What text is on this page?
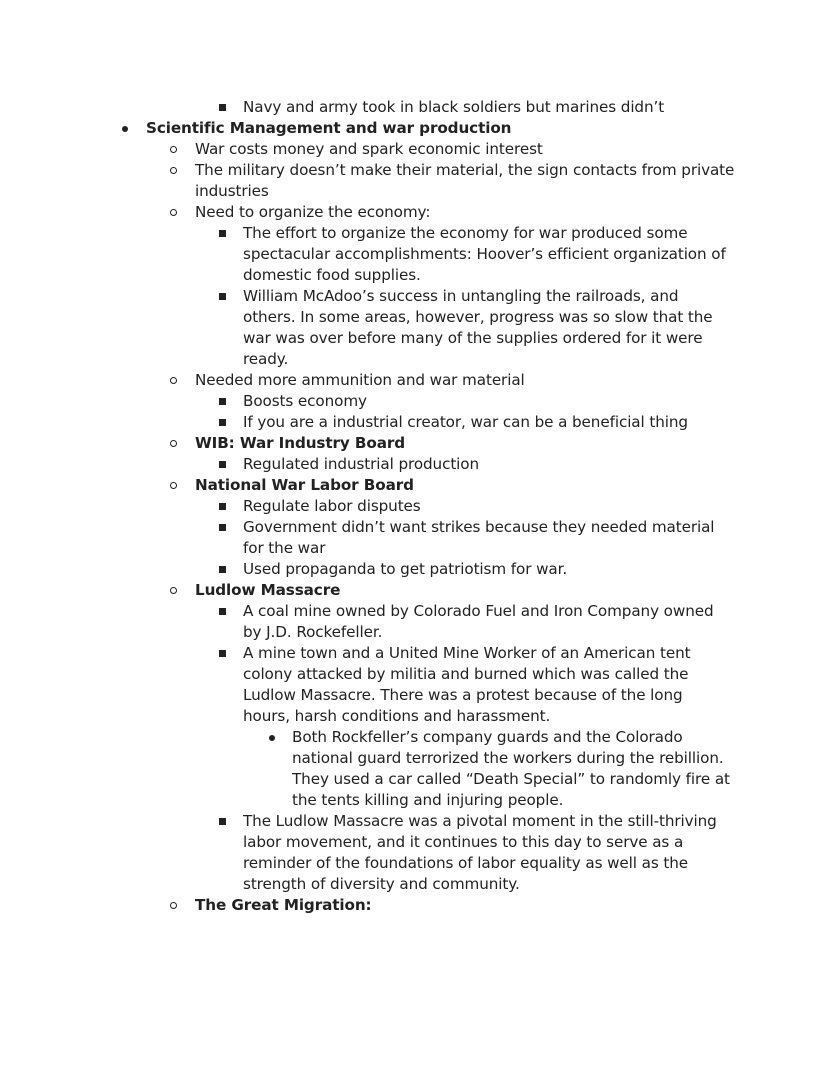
Navy and army took in black soldiers but marines didn’t
Scientific Management and war production
War costs money and spark economic interest
The military doesn’t make their material, the sign contacts from private industries
Need to organize the economy:
The effort to organize the economy for war produced some spectacular accomplishments: Hoover’s efficient organization of domestic food supplies.
William McAdoo’s success in untangling the railroads, and others. In some areas, however, progress was so slow that the war was over before many of the supplies ordered for it were ready.
Needed more ammunition and war material
Boosts economy
If you are a industrial creator, war can be a beneficial thing
WIB: War Industry Board
Regulated industrial production
National War Labor Board
Regulate labor disputes
Government didn’t want strikes because they needed material for the war
Used propaganda to get patriotism for war.
Ludlow Massacre
A coal mine owned by Colorado Fuel and Iron Company owned by J.D. Rockefeller.
A mine town and a United Mine Worker of an American tent colony attacked by militia and burned which was called the Ludlow Massacre. There was a protest because of the long hours, harsh conditions and harassment.
Both Rockfeller’s company guards and the Colorado national guard terrorized the workers during the rebillion. They used a car called “Death Special” to randomly fire at the tents killing and injuring people.
The Ludlow Massacre was a pivotal moment in the still-thriving labor movement, and it continues to this day to serve as a reminder of the foundations of labor equality as well as the strength of diversity and community.
The Great Migration:
